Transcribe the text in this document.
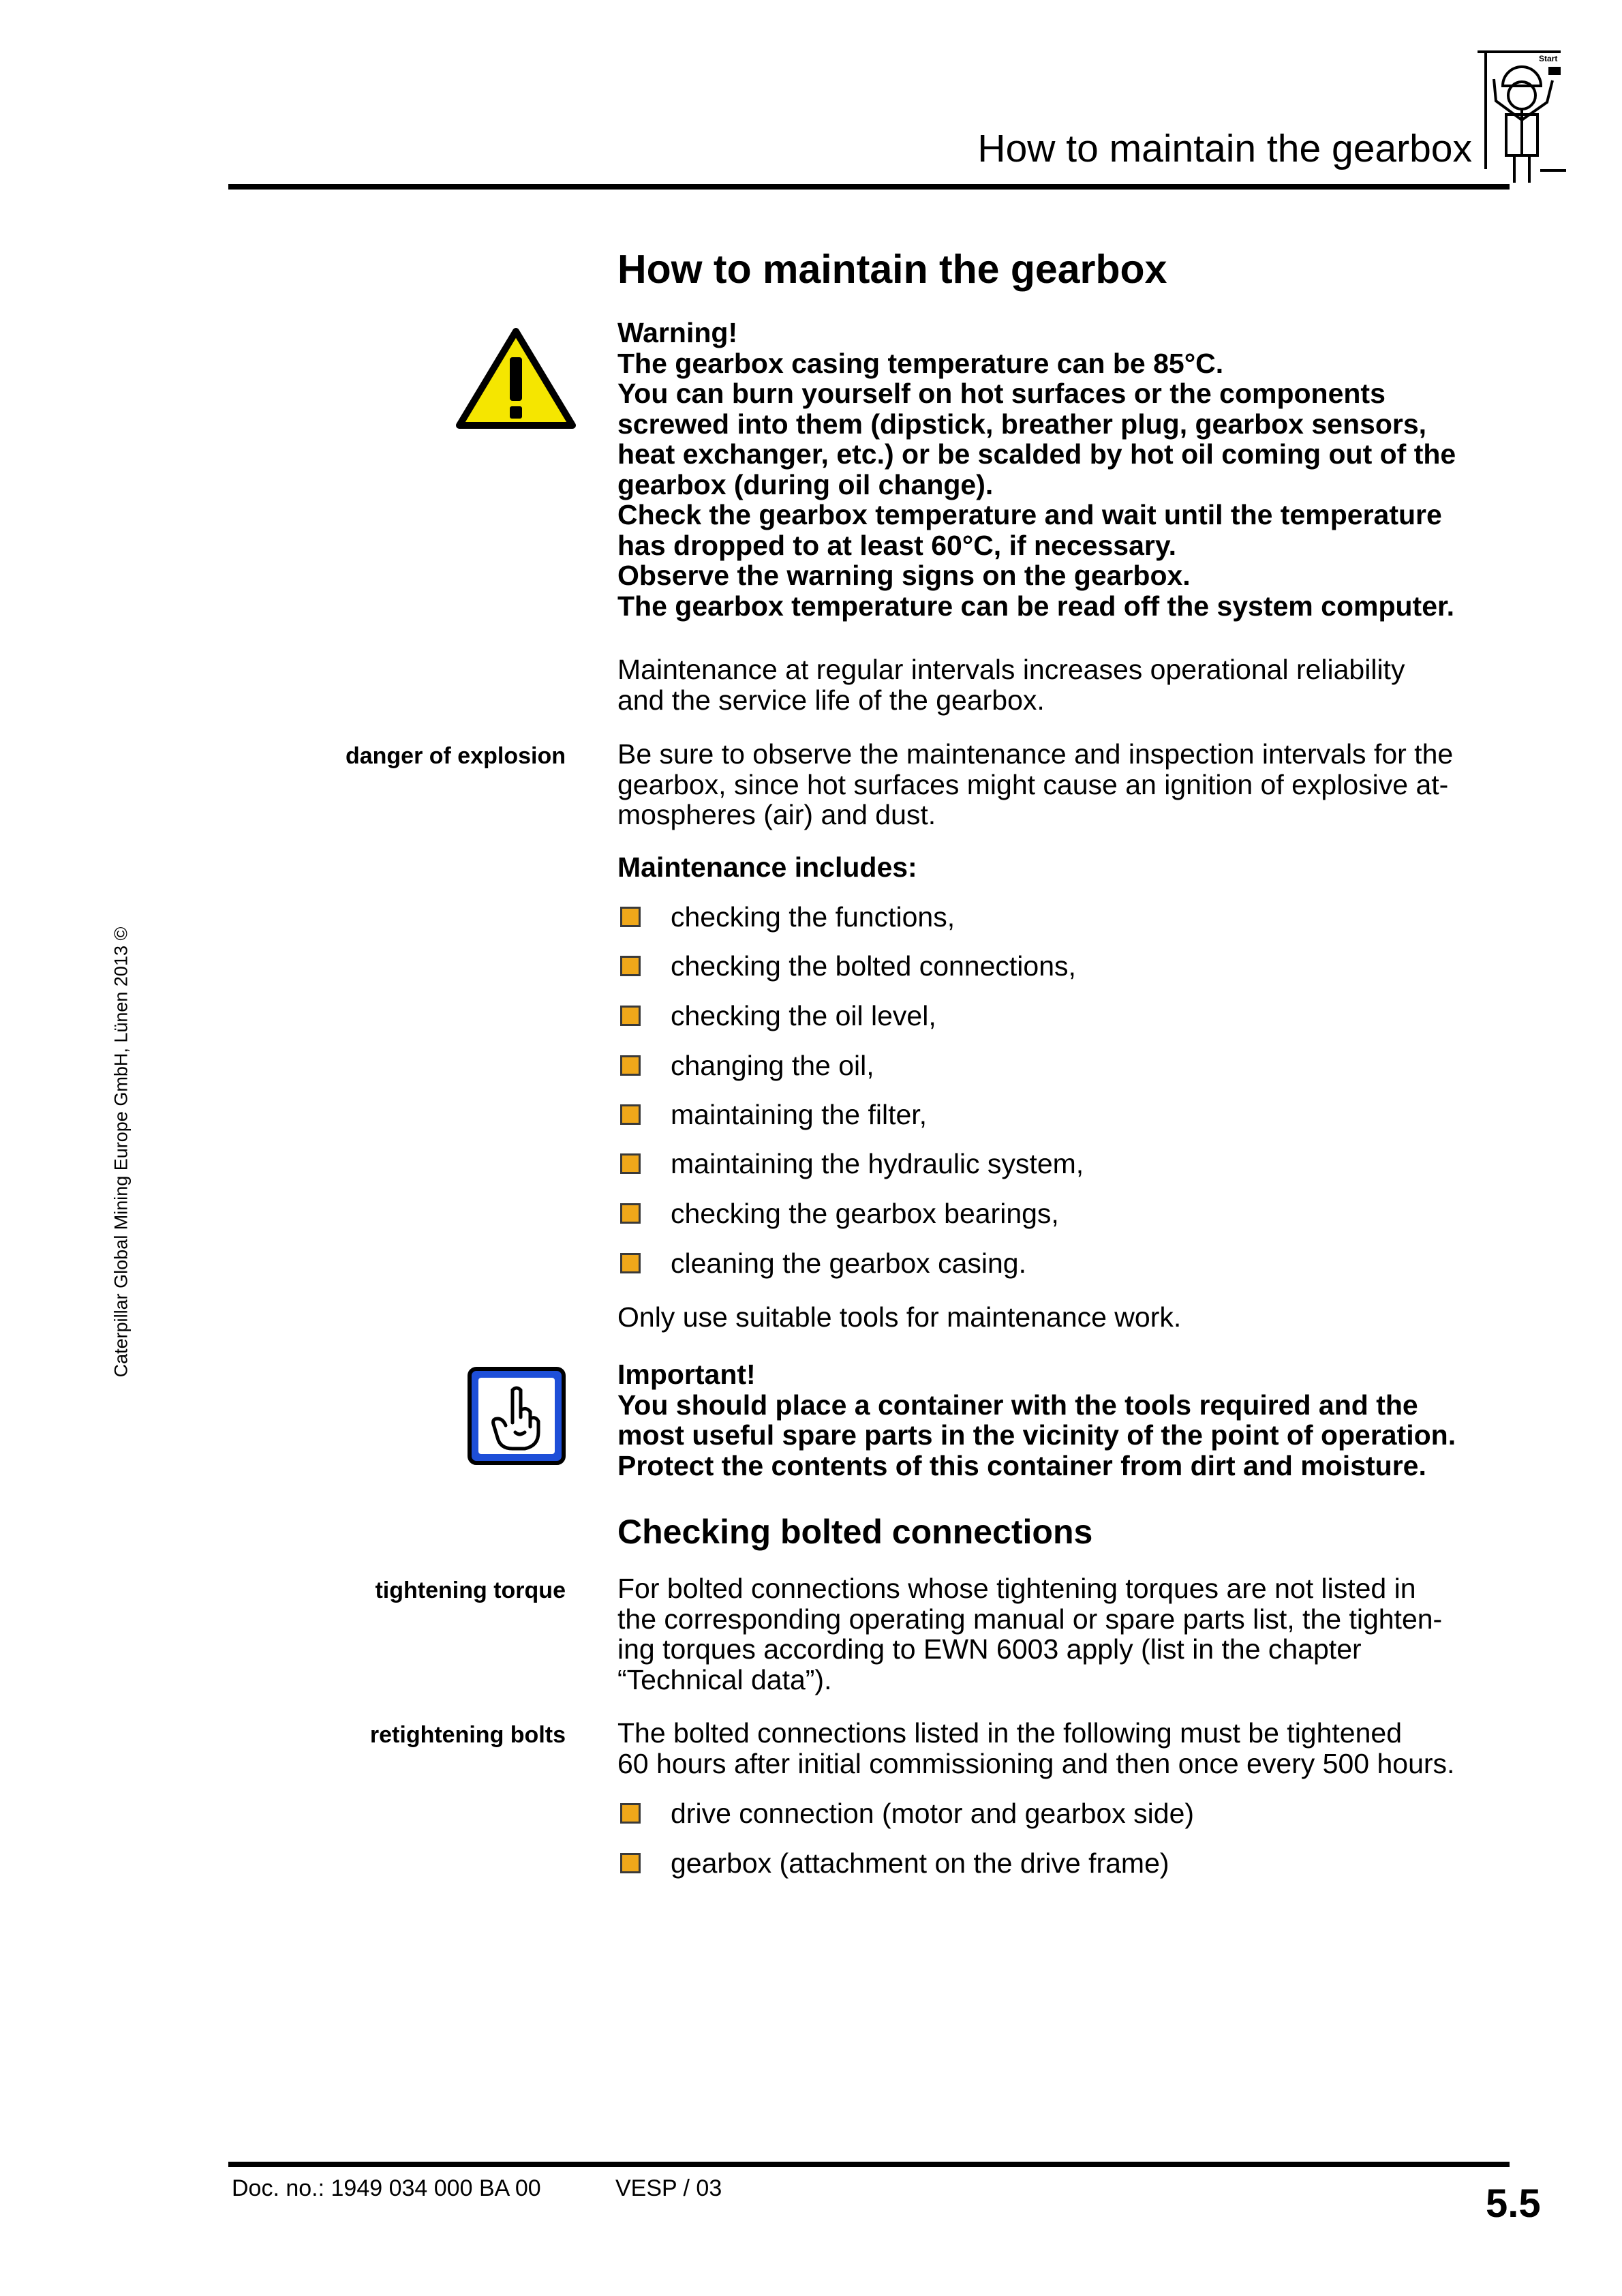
How to maintain the gearbox
Start
Caterpillar Global Mining Europe GmbH, Lünen 2013 ©
How to maintain the gearbox
Warning!
The gearbox casing temperature can be 85°C.
You can burn yourself on hot surfaces or the components
screwed into them (dipstick, breather plug, gearbox sensors,
heat exchanger, etc.) or be scalded by hot oil coming out of the
gearbox (during oil change).
Check the gearbox temperature and wait until the temperature
has dropped to at least 60°C, if necessary.
Observe the warning signs on the gearbox.
The gearbox temperature can be read off the system computer.
Maintenance at regular intervals increases operational reliability
and the service life of the gearbox.
danger of explosion Be sure to observe the maintenance and inspection intervals for the
gearbox, since hot surfaces might cause an ignition of explosive at-
mospheres (air) and dust.
Maintenance includes:
checking the functions,
checking the bolted connections,
checking the oil level,
changing the oil,
maintaining the filter,
maintaining the hydraulic system,
checking the gearbox bearings,
cleaning the gearbox casing.
Only use suitable tools for maintenance work.
Important!
You should place a container with the tools required and the
most useful spare parts in the vicinity of the point of operation.
Protect the contents of this container from dirt and moisture.
Checking bolted connections
tightening torque For bolted connections whose tightening torques are not listed in
the corresponding operating manual or spare parts list, the tighten-
ing torques according to EWN 6003 apply (list in the chapter
“Technical data”).
retightening bolts The bolted connections listed in the following must be tightened
60 hours after initial commissioning and then once every 500 hours.
drive connection (motor and gearbox side)
gearbox (attachment on the drive frame)
Doc. no.: 1949 034 000 BA 00	VESP / 03	5.5
